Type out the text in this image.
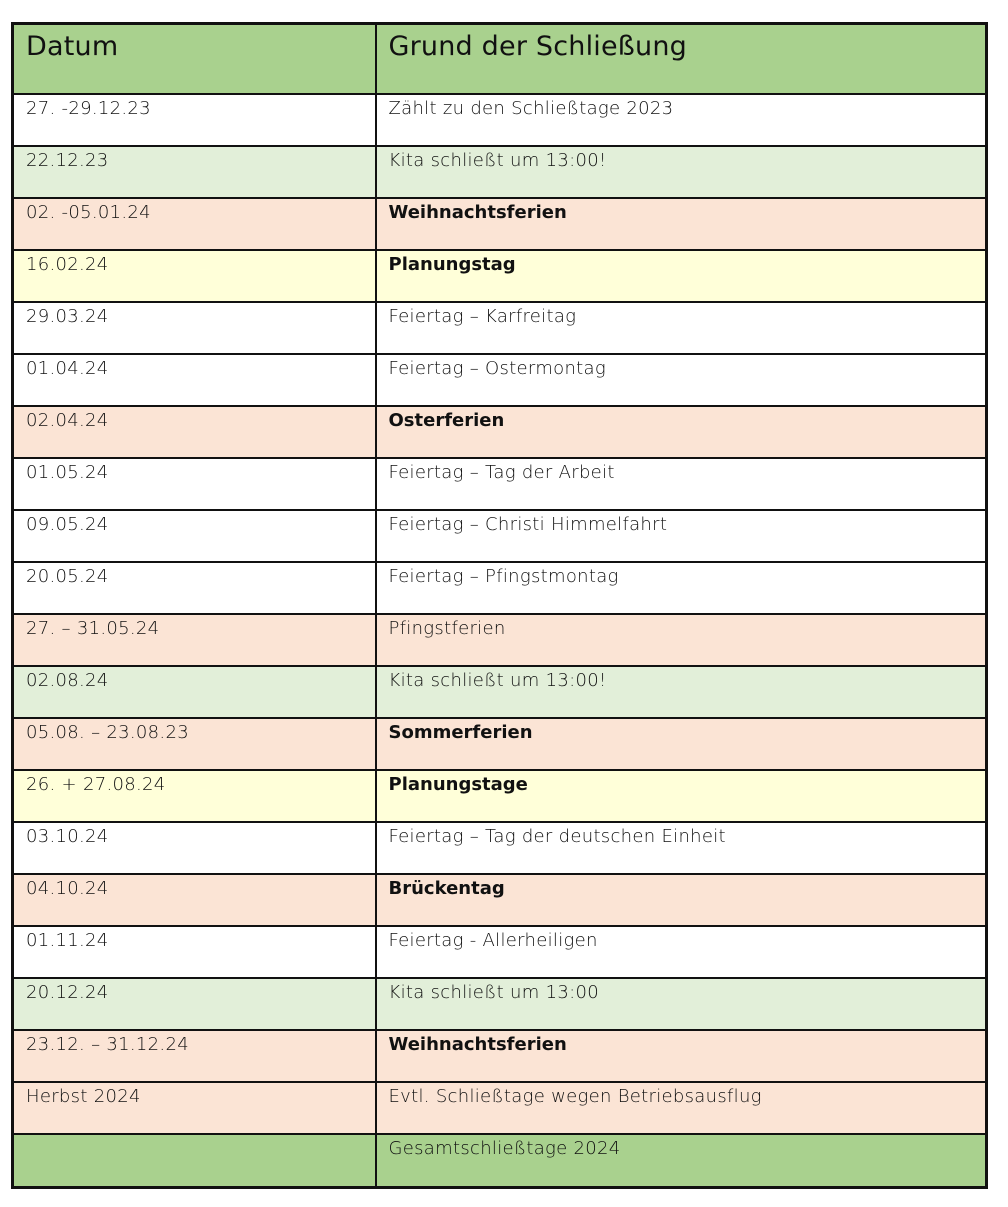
Datum	Grund der Schließung
27. -29.12.23	Zählt zu den Schließtage 2023
22.12.23	Kita schließt um 13:00!
02. -05.01.24	Weihnachtsferien
16.02.24	Planungstag
29.03.24	Feiertag – Karfreitag
01.04.24	Feiertag – Ostermontag
02.04.24	Osterferien
01.05.24	Feiertag – Tag der Arbeit
09.05.24	Feiertag – Christi Himmelfahrt
20.05.24	Feiertag – Pfingstmontag
27. – 31.05.24	Pfingstferien
02.08.24	Kita schließt um 13:00!
05.08. – 23.08.23	Sommerferien
26. + 27.08.24	Planungstage
03.10.24	Feiertag – Tag der deutschen Einheit
04.10.24	Brückentag
01.11.24	Feiertag - Allerheiligen
20.12.24	Kita schließt um 13:00
23.12. – 31.12.24	Weihnachtsferien
Herbst 2024	Evtl. Schließtage wegen Betriebsausflug
	Gesamtschließtage 2024
